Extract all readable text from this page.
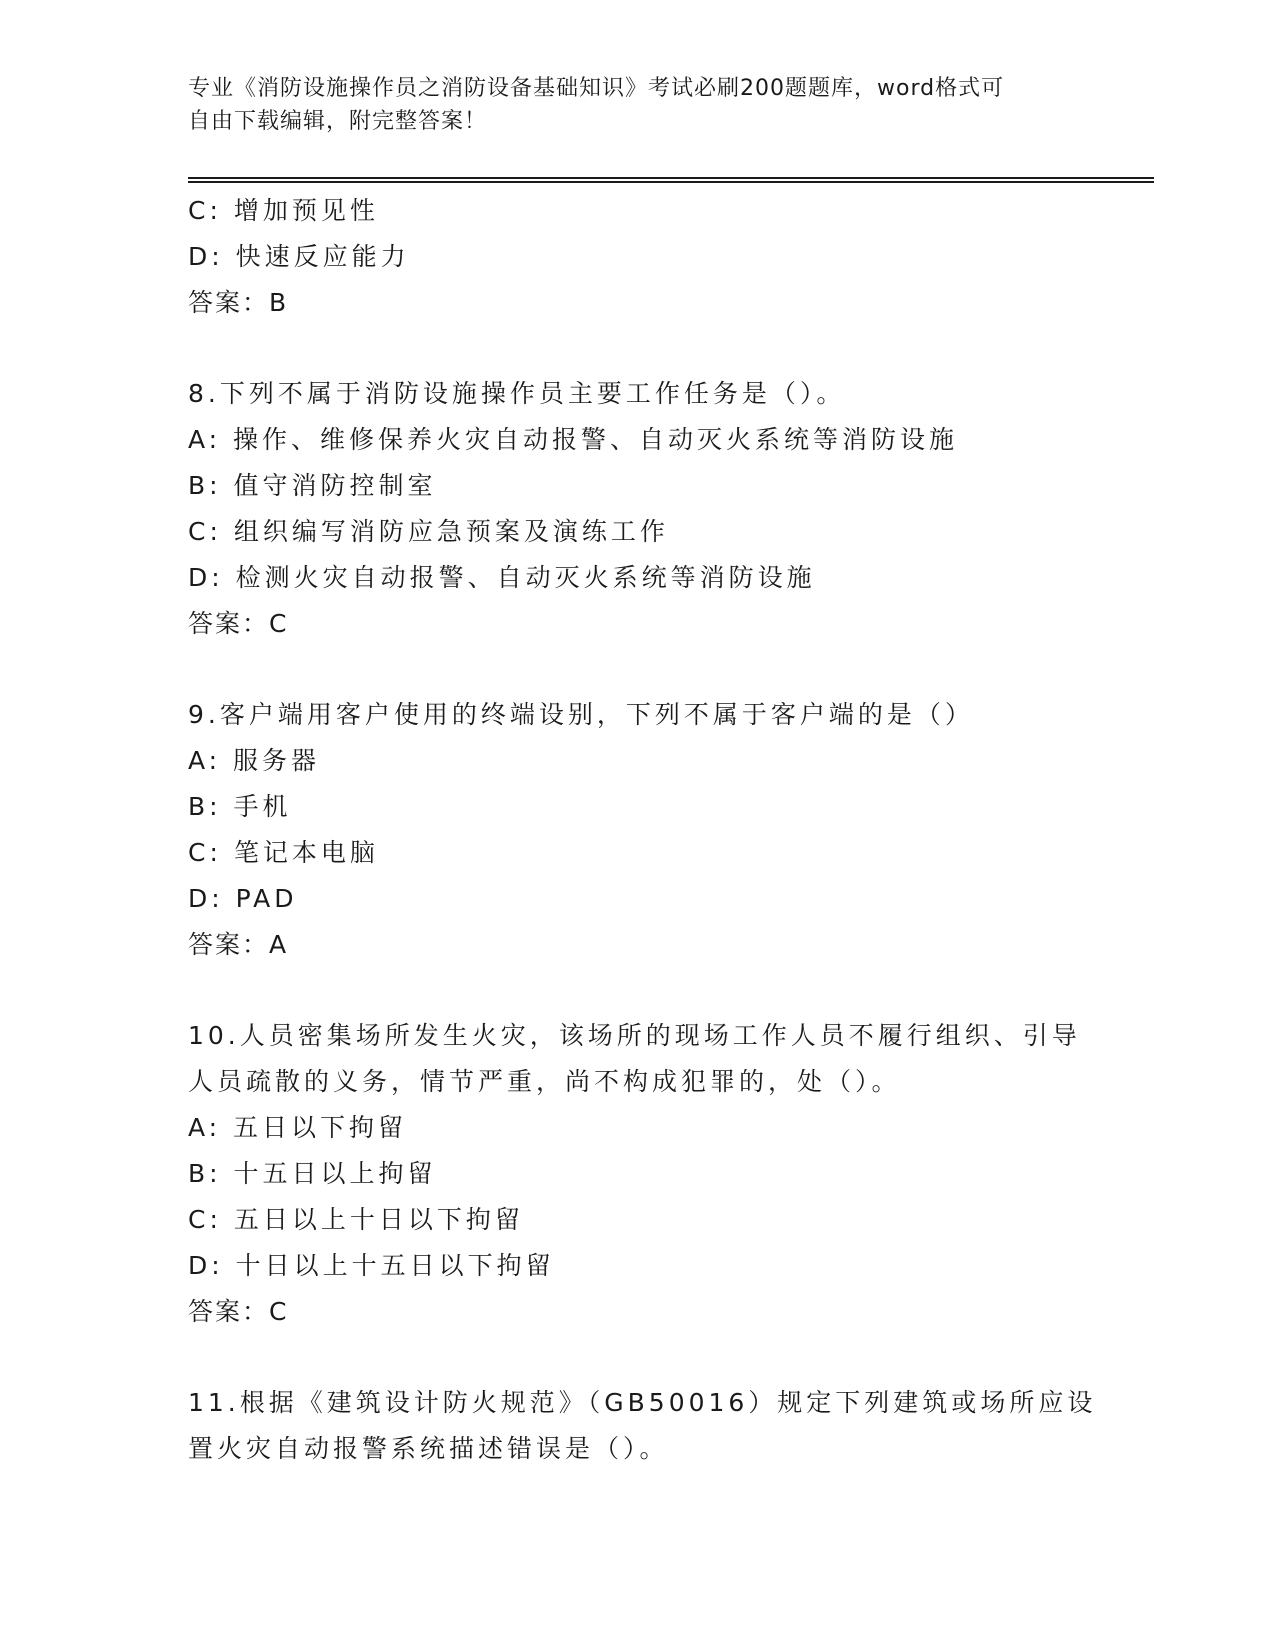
专业《消防设施操作员之消防设备基础知识》考试必刷200题题库，word格式可
自由下载编辑，附完整答案！
C: 增加预见性
D: 快速反应能力
答案：B
8.下列不属于消防设施操作员主要工作任务是（）。
A: 操作、维修保养火灾自动报警、自动灭火系统等消防设施
B: 值守消防控制室
C: 组织编写消防应急预案及演练工作
D: 检测火灾自动报警、自动灭火系统等消防设施
答案：C
9.客户端用客户使用的终端设别，下列不属于客户端的是（）
A: 服务器
B: 手机
C: 笔记本电脑
D: PAD
答案：A
10.人员密集场所发生火灾，该场所的现场工作人员不履行组织、引导
人员疏散的义务，情节严重，尚不构成犯罪的，处（）。
A: 五日以下拘留
B: 十五日以上拘留
C: 五日以上十日以下拘留
D: 十日以上十五日以下拘留
答案：C
11.根据《建筑设计防火规范》（GB50016）规定下列建筑或场所应设
置火灾自动报警系统描述错误是（）。
